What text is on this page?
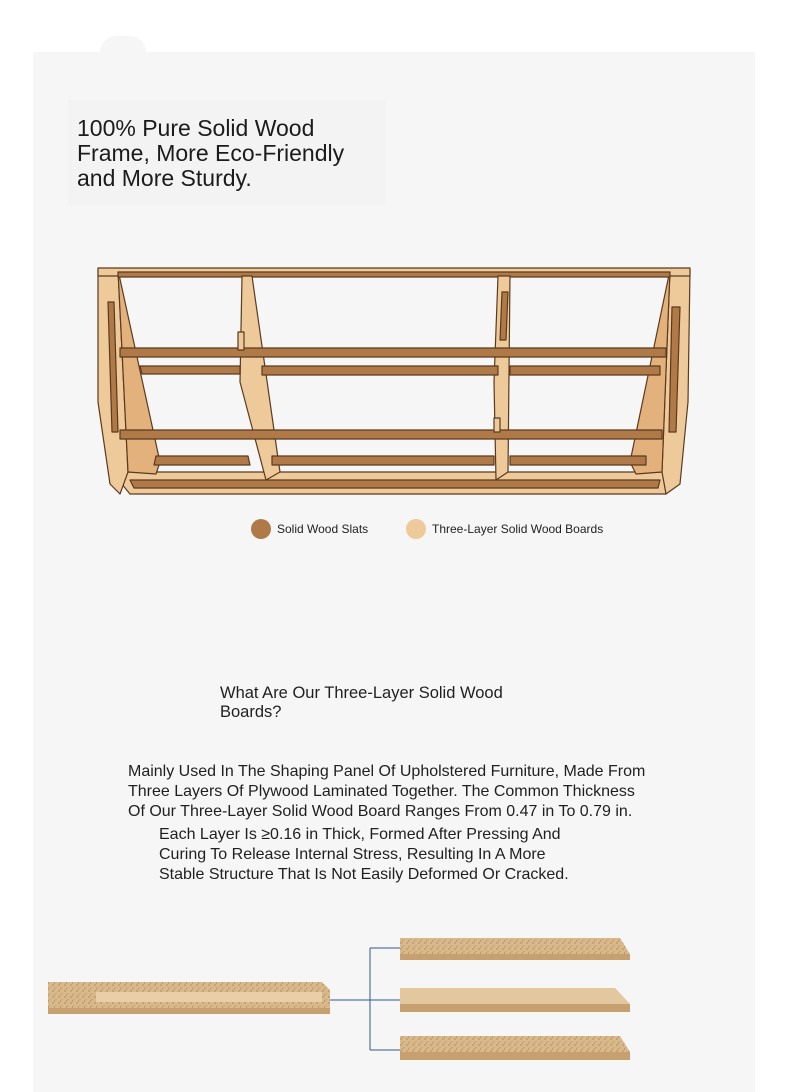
100% Pure Solid Wood
Frame, More Eco-Friendly
and More Sturdy.
Solid Wood Slats	Three-Layer Solid Wood Boards
What Are Our Three-Layer Solid Wood
Boards?
Mainly Used In The Shaping Panel Of Upholstered Furniture, Made From
Three Layers Of Plywood Laminated Together. The Common Thickness
Of Our Three-Layer Solid Wood Board Ranges From 0.47 in To 0.79 in.
Each Layer Is ≥0.16 in Thick, Formed After Pressing And
Curing To Release Internal Stress, Resulting In A More
Stable Structure That Is Not Easily Deformed Or Cracked.
